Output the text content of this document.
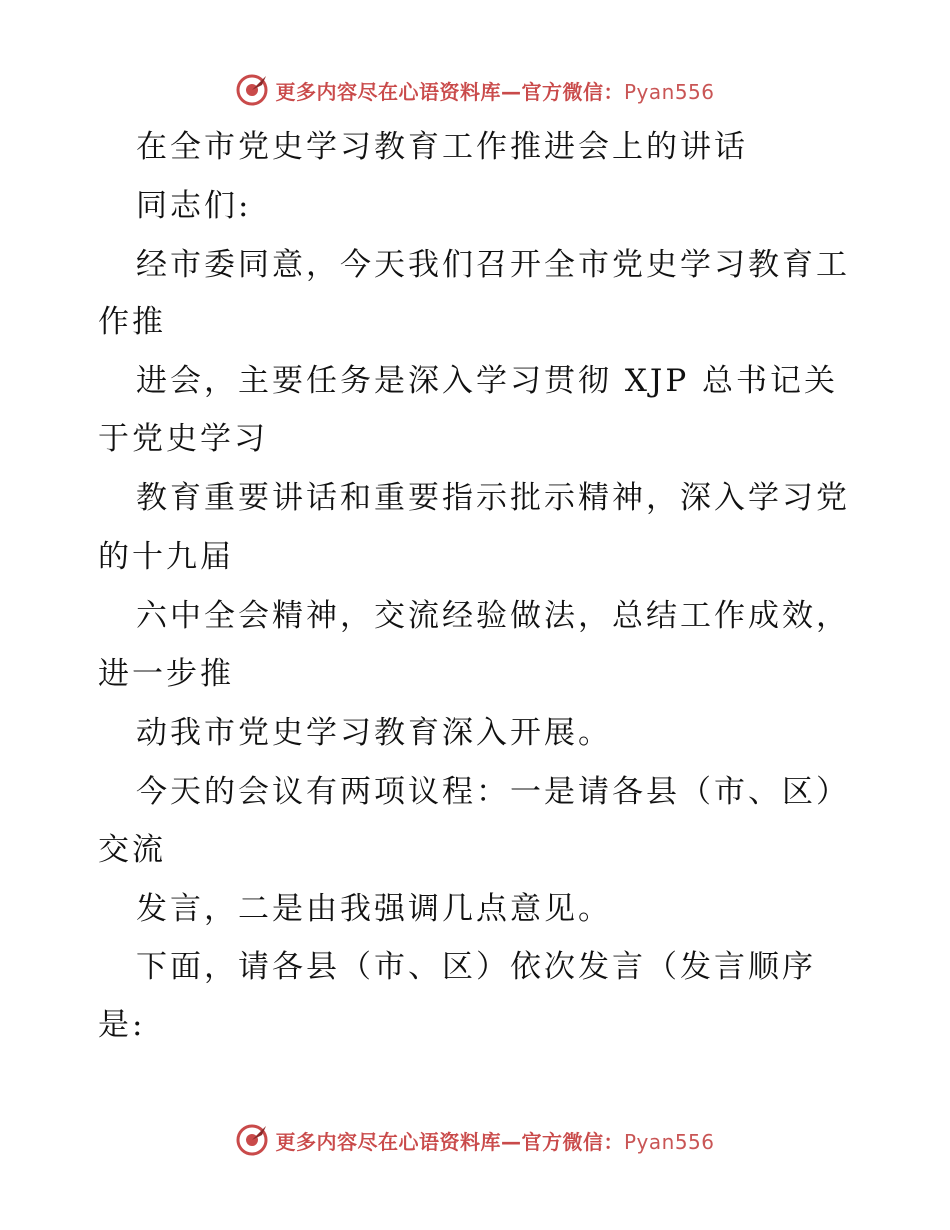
更多内容尽在心语资料库—官方微信：Pyan556
在全市党史学习教育工作推进会上的讲话
同志们:
经市委同意，今天我们召开全市党史学习教育工
作推
进会，主要任务是深入学习贯彻 XJP 总书记关
于党史学习
教育重要讲话和重要指示批示精神，深入学习党
的十九届
六中全会精神，交流经验做法，总结工作成效，
进一步推
动我市党史学习教育深入开展。
今天的会议有两项议程：一是请各县（市、区）
交流
发言，二是由我强调几点意见。
下面，请各县（市、区）依次发言（发言顺序
是:
更多内容尽在心语资料库—官方微信：Pyan556
